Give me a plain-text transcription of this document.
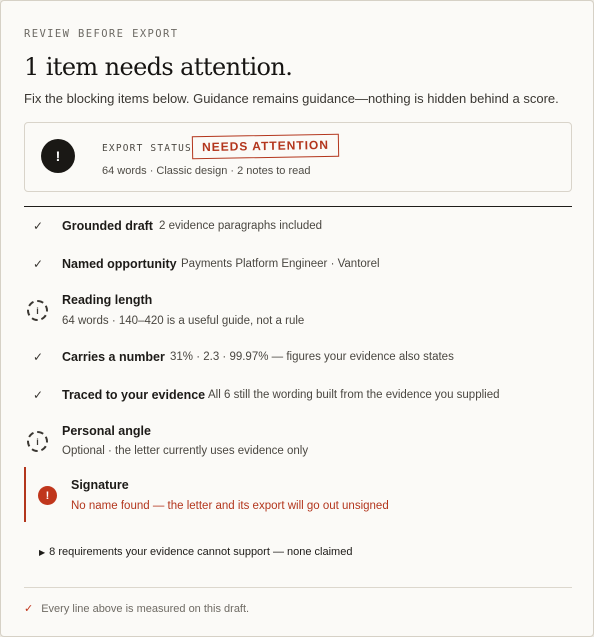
REVIEW BEFORE EXPORT
1 item needs attention.
Fix the blocking items below. Guidance remains guidance—nothing is hidden behind a score.
!	EXPORT STATUS NEEDS ATTENTION
64 words · Classic design · 2 notes to read
✓ Grounded draft 2 evidence paragraphs included
✓ Named opportunity Payments Platform Engineer · Vantorel
i
Reading length
64 words · 140–420 is a useful guide, not a rule
✓ Carries a number 31% · 2.3 · 99.97% — figures your evidence also states
✓ Traced to your evidence All 6 still the wording built from the evidence you supplied
i
Personal angle
Optional · the letter currently uses evidence only
!
Signature
No name found — the letter and its export will go out unsigned
▶ 8 requirements your evidence cannot support — none claimed
✓ Every line above is measured on this draft.
